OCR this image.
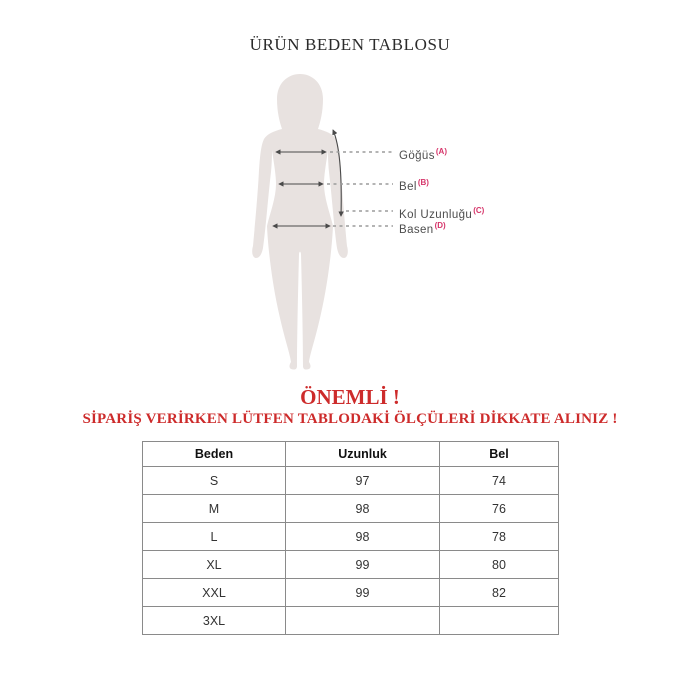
ÜRÜN BEDEN TABLOSU
Göğüs$^{(A)}$
Bel$^{(B)}$
Kol Uzunluğu$^{(C)}$
Basen$^{(D)}$
ÖNEMLİ !
SİPARİŞ VERİRKEN LÜTFEN TABLODAKİ ÖLÇÜLERİ DİKKATE ALINIZ !
Beden	Uzunluk	Bel
S	97	74
M	98	76
L	98	78
XL	99	80
XXL	99	82
3XL		
